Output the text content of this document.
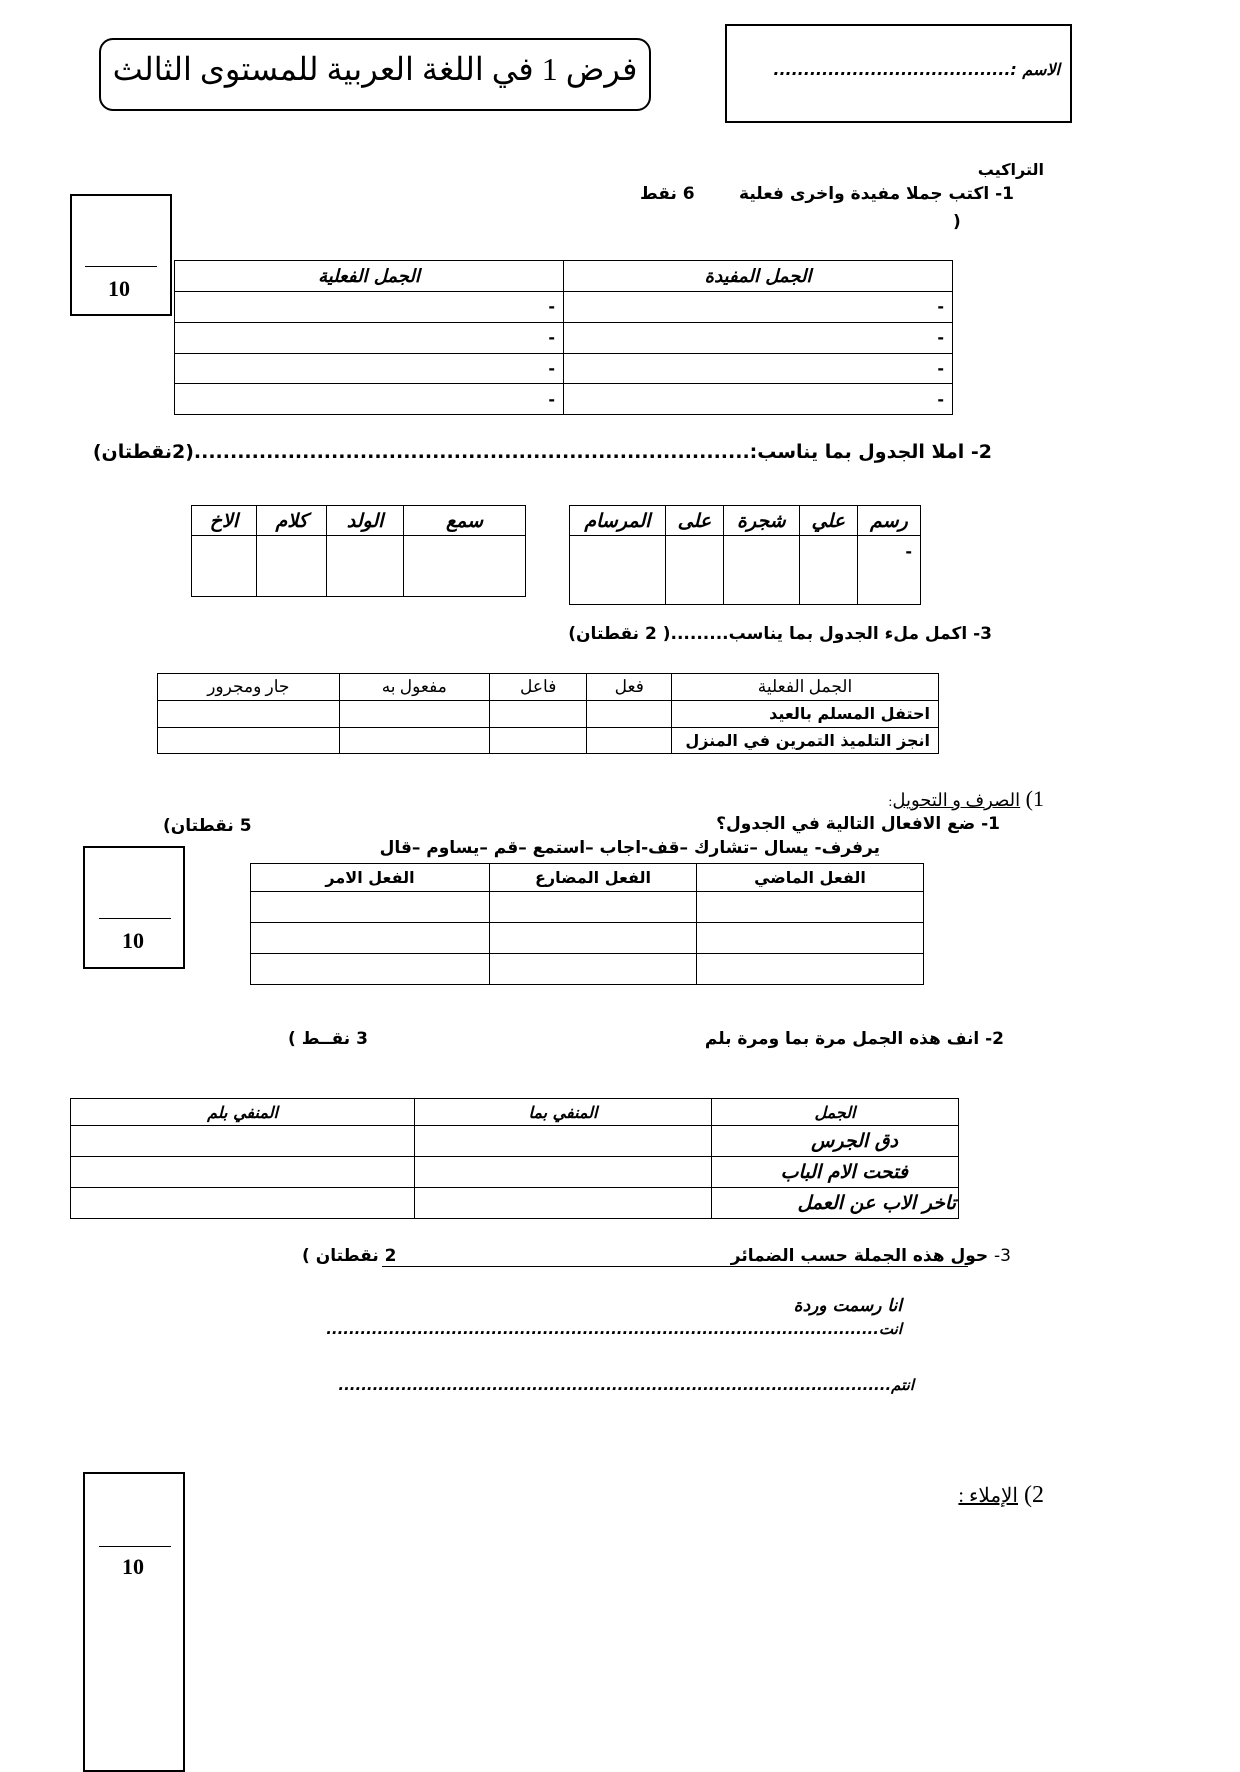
فرض 1 في اللغة العربية للمستوى الثالث	الاسم :.......................................
10
10
10
التراكيب
1- اكتب جملا مفيدة واخرى فعلية
6 نقط
)
الجمل المفيدة	الجمل الفعلية
-	-
-	-
-	-
-	-
2- املا الجدول بما يناسب:.............................................................................(2نقطتان)
رسم	علي	شجرة	على	المرسام
-				
سمع	الولد	كلام	الاخ

3- اكمل ملء الجدول بما يناسب.........( 2 نقطتان)
الجمل الفعلية	فعل	فاعل	مفعول به	جار ومجرور
احتفل المسلم بالعيد				
انجز التلميذ التمرين في المنزل				
1) الصرف و التحويل:
1- ضع الافعال التالية في الجدول؟
5 نقطتان)
يرفرف- يسال –تشارك –قف-اجاب –استمع –قم –يساوم –قال
الفعل الماضي	الفعل المضارع	الفعل الامر

2- انف هذه الجمل مرة بما ومرة بلم
3 نقــط )
الجمل	المنفي بما	المنفي بلم
دق الجرس		
فتحت الام الباب		
تاخر الاب عن العمل		
3- حول هذه الجملة حسب الضمائر
2 نقطتان )
انا رسمت وردة
انت.................................................................................................
انتم.................................................................................................
2) الإملاء :
